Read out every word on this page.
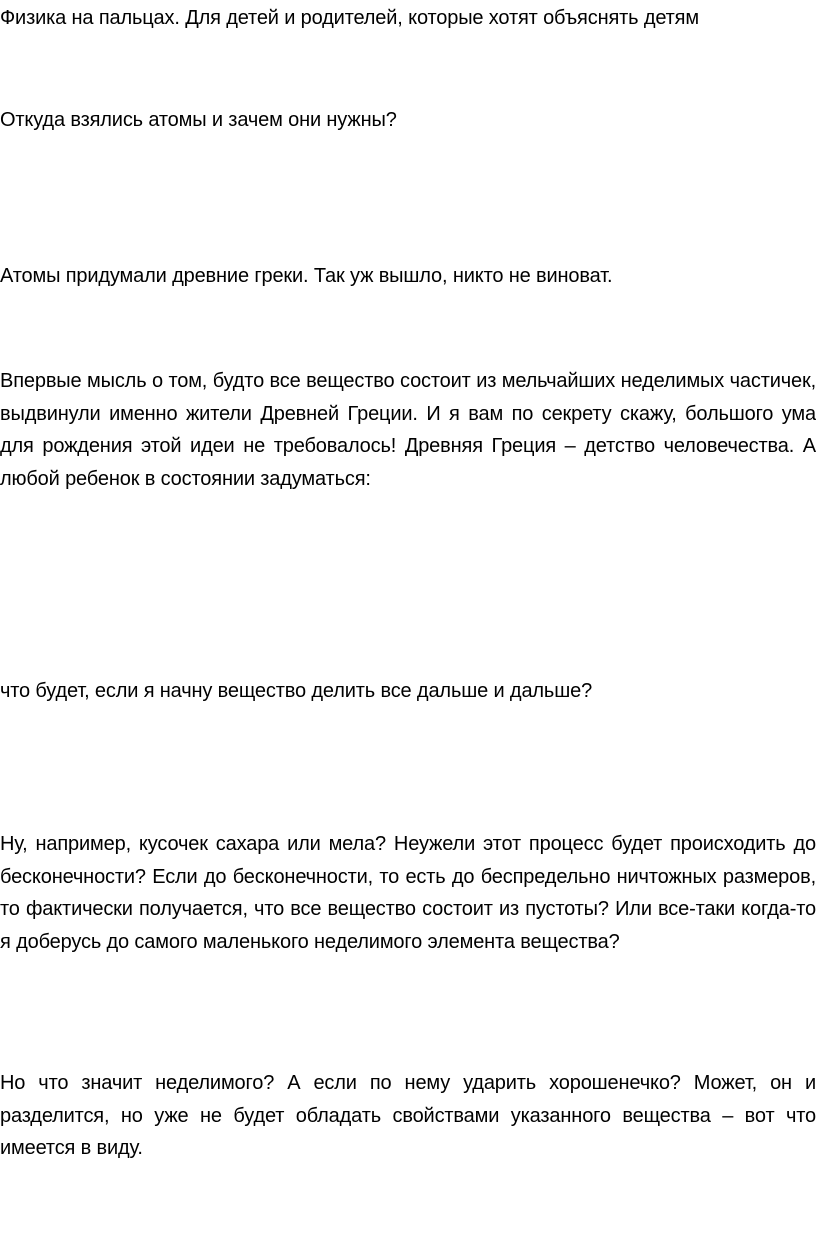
Физика на пальцах. Для детей и родителей, которые хотят объяснять детям

Откуда взялись атомы и зачем они нужны?

Атомы придумали древние греки. Так уж вышло, никто не виноват.

Впервые мысль о том, будто все вещество состоит из мельчайших неделимых частичек, выдвинули именно жители Древней Греции. И я вам по секрету скажу, большого ума для рождения этой идеи не требовалось! Древняя Греция – детство человечества. А любой ребенок в состоянии задуматься:

что будет, если я начну вещество делить все дальше и дальше?

Ну, например, кусочек сахара или мела? Неужели этот процесс будет происходить до бесконечности? Если до бесконечности, то есть до беспредельно ничтожных размеров, то фактически получается, что все вещество состоит из пустоты? Или все-таки когда-то я доберусь до самого маленького неделимого элемента вещества?

Но что значит неделимого? А если по нему ударить хорошенечко? Может, он и разделится, но уже не будет обладать свойствами указанного вещества – вот что имеется в виду.
